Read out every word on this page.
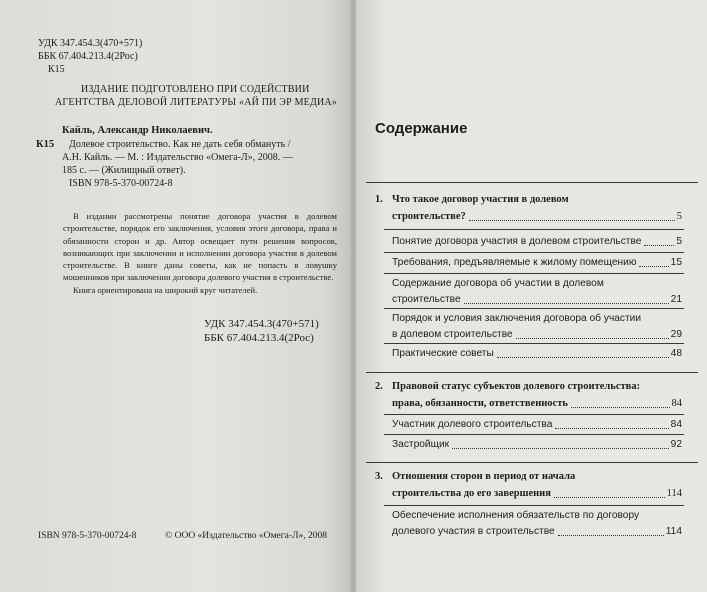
УДК 347.454.3(470+571)
ББК 67.404.213.4(2Рос)
К15
ИЗДАНИЕ ПОДГОТОВЛЕНО ПРИ СОДЕЙСТВИИ
АГЕНТСТВА ДЕЛОВОЙ ЛИТЕРАТУРЫ «АЙ ПИ ЭР МЕДИА»
Кайль, Александр Николаевич.
К15 Долевое строительство. Как не дать себя обмануть /
А.Н. Кайль. — М. : Издательство «Омега-Л», 2008. —
185 с. — (Жилищный ответ).
ISBN 978-5-370-00724-8

В издании рассмотрены понятие договора участия в долевом строительстве, порядок его заключения, условия этого договора, права и обязанности сторон и др. Автор освещает пути решения вопросов, возникающих при заключении и исполнении договора участия в долевом строительстве. В книге даны советы, как не попасть в ловушку мошенников при заключении договора долевого участия в строительстве.

Книга ориентирована на широкий круг читателей.

УДК 347.454.3(470+571)
ББК 67.404.213.4(2Рос)
ISBN 978-5-370-00724-8	© ООО «Издательство «Омега-Л», 2008
Содержание
1. Что такое договор участия в долевом
строительстве?	5
Понятие договора участия в долевом строительстве	5
Требования, предъявляемые к жилому помещению	15
Содержание договора об участии в долевом
строительстве	21
Порядок и условия заключения договора об участии
в долевом строительстве	29
Практические советы	48
2. Правовой статус субъектов долевого строительства:
права, обязанности, ответственность	84
Участник долевого строительства	84
Застройщик	92
3. Отношения сторон в период от начала
строительства до его завершения	114
Обеспечение исполнения обязательств по договору
долевого участия в строительстве	114
